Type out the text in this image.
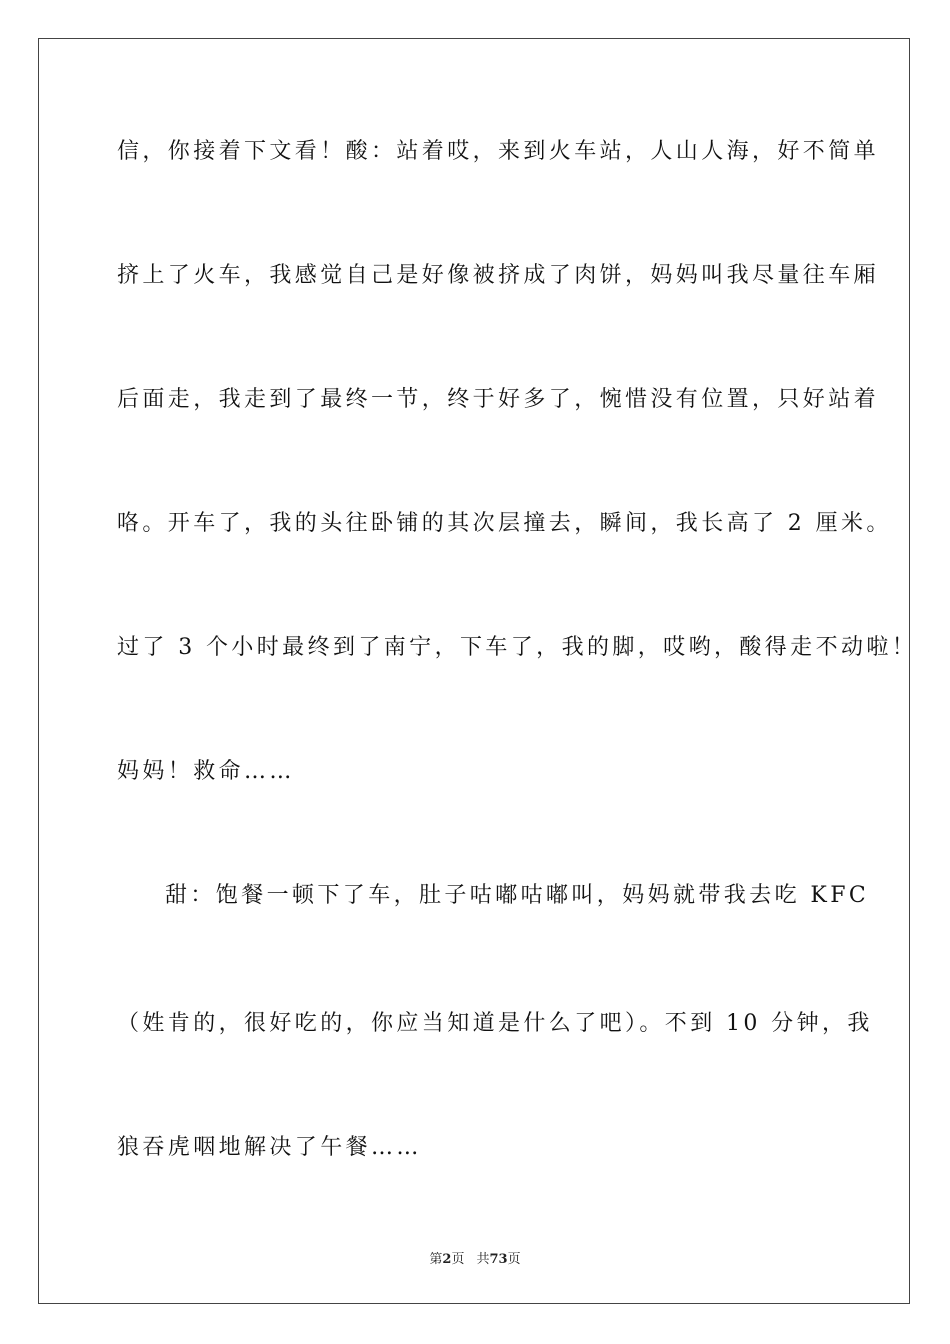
信，你接着下文看！酸：站着哎，来到火车站，人山人海，好不简单
挤上了火车，我感觉自己是好像被挤成了肉饼，妈妈叫我尽量往车厢
后面走，我走到了最终一节，终于好多了，惋惜没有位置，只好站着
咯。开车了，我的头往卧铺的其次层撞去，瞬间，我长高了 2 厘米。
过了 3 个小时最终到了南宁，下车了，我的脚，哎哟，酸得走不动啦！
妈妈！救命……
甜：饱餐一顿下了车，肚子咕嘟咕嘟叫，妈妈就带我去吃 KFC
（姓肯的，很好吃的，你应当知道是什么了吧）。不到 10 分钟，我
狼吞虎咽地解决了午餐……
第2页 共73页
